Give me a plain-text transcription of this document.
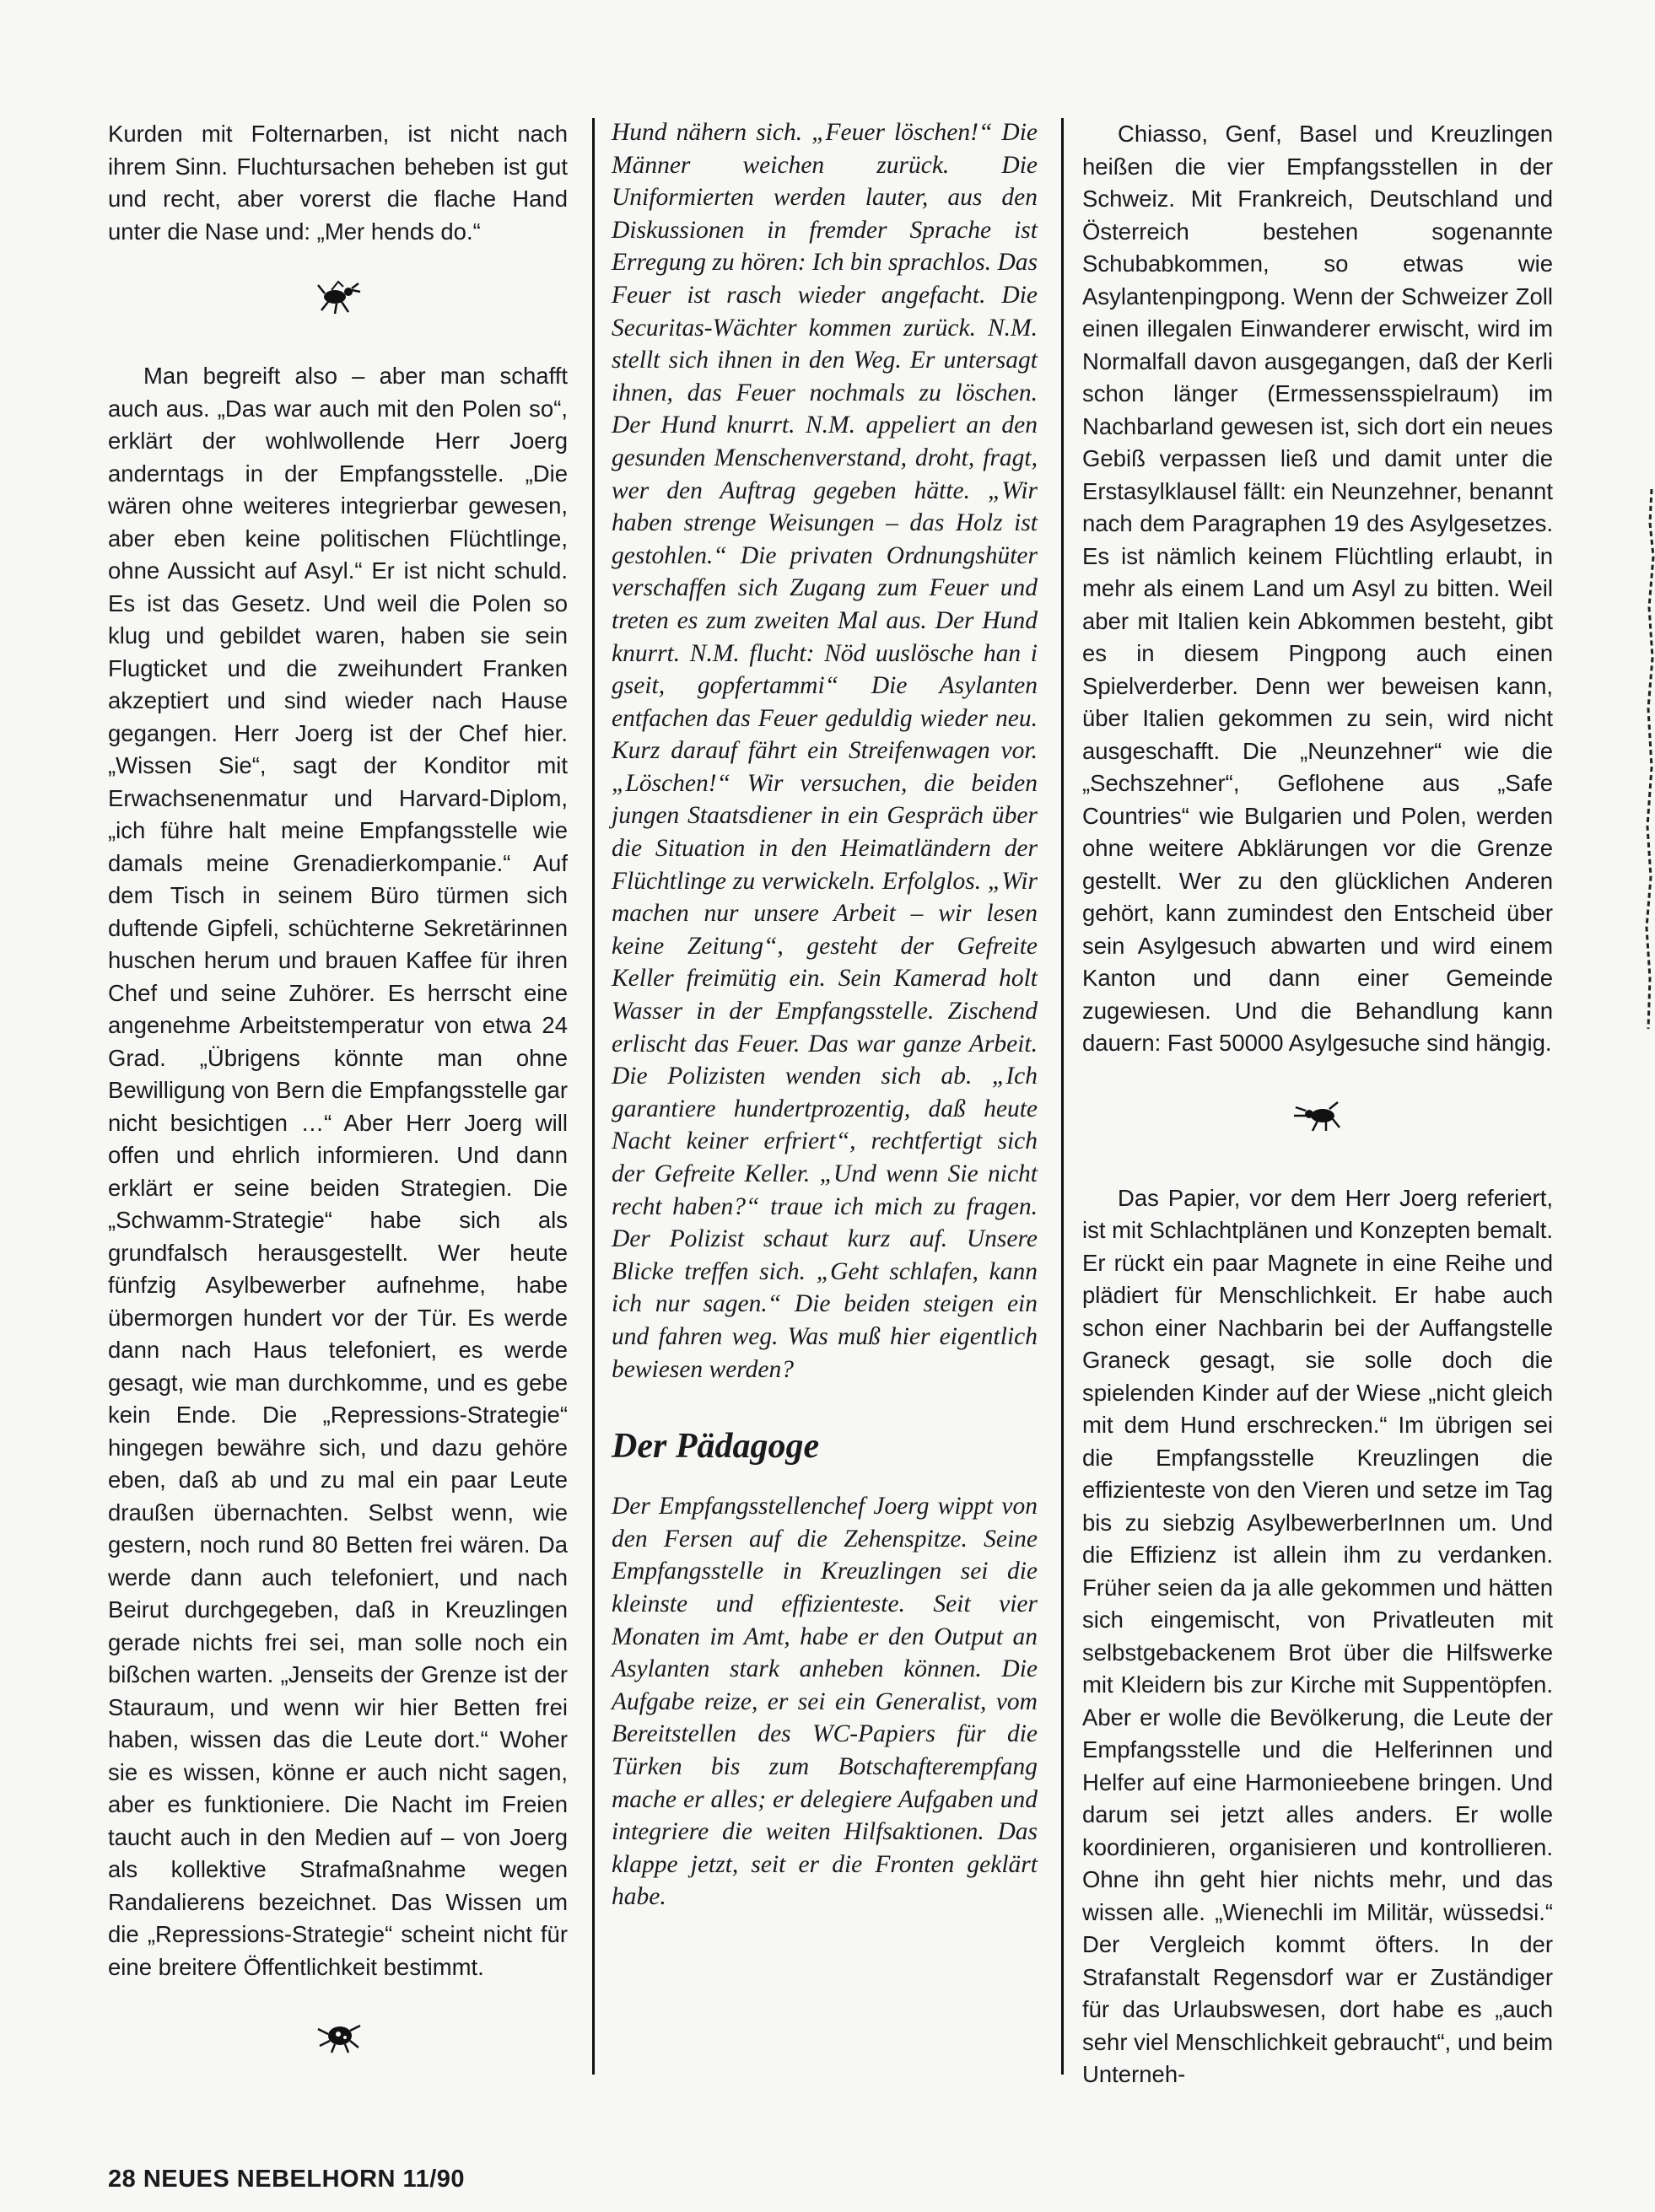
Kurden mit Folternarben, ist nicht nach ihrem Sinn. Fluchtursachen beheben ist gut und recht, aber vorerst die flache Hand unter die Nase und: „Mer hends do.“

Man begreift also – aber man schafft auch aus. „Das war auch mit den Polen so“, erklärt der wohlwollende Herr Joerg anderntags in der Empfangsstelle. „Die wären ohne weiteres integrierbar gewesen, aber eben keine politischen Flüchtlinge, ohne Aussicht auf Asyl.“ Er ist nicht schuld. Es ist das Gesetz. Und weil die Polen so klug und gebildet waren, haben sie sein Flugticket und die zweihundert Franken akzeptiert und sind wieder nach Hause gegangen. Herr Joerg ist der Chef hier. „Wissen Sie“, sagt der Konditor mit Erwachsenenmatur und Harvard-Diplom, „ich führe halt meine Empfangsstelle wie damals meine Grenadierkompanie.“ Auf dem Tisch in seinem Büro türmen sich duftende Gipfeli, schüchterne Sekretärinnen huschen herum und brauen Kaffee für ihren Chef und seine Zuhörer. Es herrscht eine angenehme Arbeitstemperatur von etwa 24 Grad. „Übrigens könnte man ohne Bewilligung von Bern die Empfangsstelle gar nicht besichtigen …“ Aber Herr Joerg will offen und ehrlich informieren. Und dann erklärt er seine beiden Strategien. Die „Schwamm-Strategie“ habe sich als grundfalsch herausgestellt. Wer heute fünfzig Asylbewerber aufnehme, habe übermorgen hundert vor der Tür. Es werde dann nach Haus telefoniert, es werde gesagt, wie man durchkomme, und es gebe kein Ende. Die „Repressions-Strategie“ hingegen bewähre sich, und dazu gehöre eben, daß ab und zu mal ein paar Leute draußen übernachten. Selbst wenn, wie gestern, noch rund 80 Betten frei wären. Da werde dann auch telefoniert, und nach Beirut durchgegeben, daß in Kreuzlingen gerade nichts frei sei, man solle noch ein bißchen warten. „Jenseits der Grenze ist der Stauraum, und wenn wir hier Betten frei haben, wissen das die Leute dort.“ Woher sie es wissen, könne er auch nicht sagen, aber es funktioniere. Die Nacht im Freien taucht auch in den Medien auf – von Joerg als kollektive Strafmaßnahme wegen Randalierens bezeichnet. Das Wissen um die „Repressions-Strategie“ scheint nicht für eine breitere Öffentlichkeit bestimmt.

Hund nähern sich. „Feuer löschen!“ Die Männer weichen zurück. Die Uniformierten werden lauter, aus den Diskussionen in fremder Sprache ist Erregung zu hören: Ich bin sprachlos. Das Feuer ist rasch wieder angefacht. Die Securitas-Wächter kommen zurück. N.M. stellt sich ihnen in den Weg. Er untersagt ihnen, das Feuer nochmals zu löschen. Der Hund knurrt. N.M. appeliert an den gesunden Menschenverstand, droht, fragt, wer den Auftrag gegeben hätte. „Wir haben strenge Weisungen – das Holz ist gestohlen.“ Die privaten Ordnungshüter verschaffen sich Zugang zum Feuer und treten es zum zweiten Mal aus. Der Hund knurrt. N.M. flucht: Nöd uuslösche han i gseit, gopfertammi“ Die Asylanten entfachen das Feuer geduldig wieder neu. Kurz darauf fährt ein Streifenwagen vor. „Löschen!“ Wir versuchen, die beiden jungen Staatsdiener in ein Gespräch über die Situation in den Heimatländern der Flüchtlinge zu verwickeln. Erfolglos. „Wir machen nur unsere Arbeit – wir lesen keine Zeitung“, gesteht der Gefreite Keller freimütig ein. Sein Kamerad holt Wasser in der Empfangsstelle. Zischend erlischt das Feuer. Das war ganze Arbeit. Die Polizisten wenden sich ab. „Ich garantiere hundertprozentig, daß heute Nacht keiner erfriert“, rechtfertigt sich der Gefreite Keller. „Und wenn Sie nicht recht haben?“ traue ich mich zu fragen. Der Polizist schaut kurz auf. Unsere Blicke treffen sich. „Geht schlafen, kann ich nur sagen.“ Die beiden steigen ein und fahren weg. Was muß hier eigentlich bewiesen werden?

Der Pädagoge

Der Empfangsstellenchef Joerg wippt von den Fersen auf die Zehenspitze. Seine Empfangsstelle in Kreuzlingen sei die kleinste und effizienteste. Seit vier Monaten im Amt, habe er den Output an Asylanten stark anheben können. Die Aufgabe reize, er sei ein Generalist, vom Bereitstellen des WC-Papiers für die Türken bis zum Botschafterempfang mache er alles; er delegiere Aufgaben und integriere die weiten Hilfsaktionen. Das klappe jetzt, seit er die Fronten geklärt habe.

Chiasso, Genf, Basel und Kreuzlingen heißen die vier Empfangsstellen in der Schweiz. Mit Frankreich, Deutschland und Österreich bestehen sogenannte Schubabkommen, so etwas wie Asylantenpingpong. Wenn der Schweizer Zoll einen illegalen Einwanderer erwischt, wird im Normalfall davon ausgegangen, daß der Kerli schon länger (Ermessensspielraum) im Nachbarland gewesen ist, sich dort ein neues Gebiß verpassen ließ und damit unter die Erstasylklausel fällt: ein Neunzehner, benannt nach dem Paragraphen 19 des Asylgesetzes. Es ist nämlich keinem Flüchtling erlaubt, in mehr als einem Land um Asyl zu bitten. Weil aber mit Italien kein Abkommen besteht, gibt es in diesem Pingpong auch einen Spielverderber. Denn wer beweisen kann, über Italien gekommen zu sein, wird nicht ausgeschafft. Die „Neunzehner“ wie die „Sechszehner“, Geflohene aus „Safe Countries“ wie Bulgarien und Polen, werden ohne weitere Abklärungen vor die Grenze gestellt. Wer zu den glücklichen Anderen gehört, kann zumindest den Entscheid über sein Asylgesuch abwarten und wird einem Kanton und dann einer Gemeinde zugewiesen. Und die Behandlung kann dauern: Fast 50000 Asylgesuche sind hängig.

Das Papier, vor dem Herr Joerg referiert, ist mit Schlachtplänen und Konzepten bemalt. Er rückt ein paar Magnete in eine Reihe und plädiert für Menschlichkeit. Er habe auch schon einer Nachbarin bei der Auffangstelle Graneck gesagt, sie solle doch die spielenden Kinder auf der Wiese „nicht gleich mit dem Hund erschrecken.“ Im übrigen sei die Empfangsstelle Kreuzlingen die effizienteste von den Vieren und setze im Tag bis zu siebzig AsylbewerberInnen um. Und die Effizienz ist allein ihm zu verdanken. Früher seien da ja alle gekommen und hätten sich eingemischt, von Privatleuten mit selbstgebackenem Brot über die Hilfswerke mit Kleidern bis zur Kirche mit Suppentöpfen. Aber er wolle die Bevölkerung, die Leute der Empfangsstelle und die Helferinnen und Helfer auf eine Harmonieebene bringen. Und darum sei jetzt alles anders. Er wolle koordinieren, organisieren und kontrollieren. Ohne ihn geht hier nichts mehr, und das wissen alle. „Wienechli im Militär, wüssedsi.“ Der Vergleich kommt öfters. In der Strafanstalt Regensdorf war er Zuständiger für das Urlaubswesen, dort habe es „auch sehr viel Menschlichkeit gebraucht“, und beim Unterneh-

28 NEUES NEBELHORN 11/90
